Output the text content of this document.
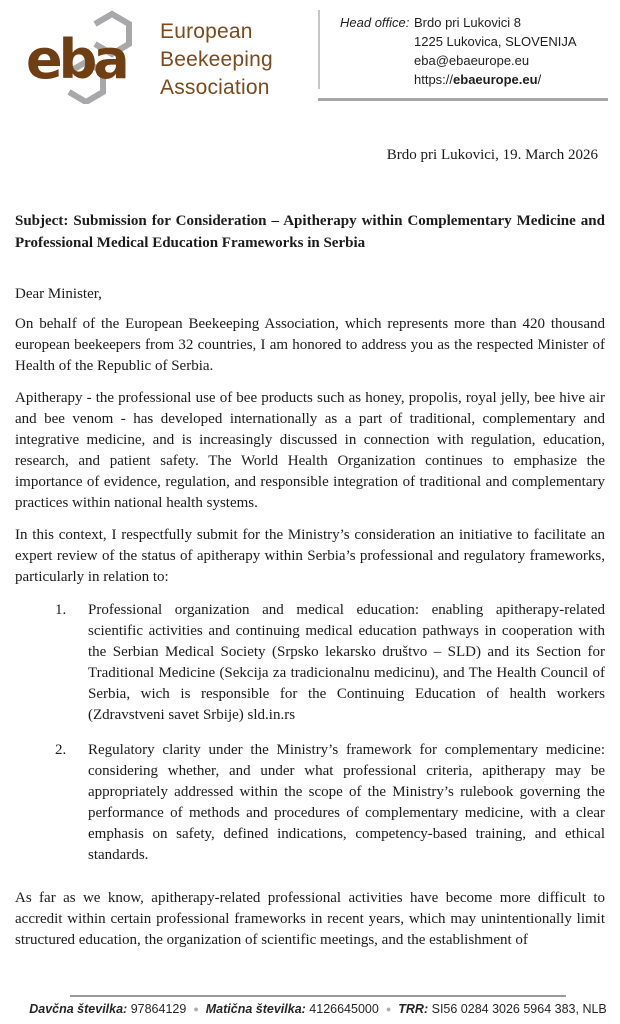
eba European
Beekeeping
Association
Head office: Brdo pri Lukovici 8
1225 Lukovica, SLOVENIJA
eba@ebaeurope.eu
https://ebaeurope.eu/
Brdo pri Lukovici, 19. March 2026
Subject: Submission for Consideration – Apitherapy within Complementary Medicine and Professional Medical Education Frameworks in Serbia
Dear Minister,
On behalf of the European Beekeeping Association, which represents more than 420 thousand european beekeepers from 32 countries, I am honored to address you as the respected Minister of Health of the Republic of Serbia.
Apitherapy - the professional use of bee products such as honey, propolis, royal jelly, bee hive air and bee venom - has developed internationally as a part of traditional, complementary and integrative medicine, and is increasingly discussed in connection with regulation, education, research, and patient safety. The World Health Organization continues to emphasize the importance of evidence, regulation, and responsible integration of traditional and complementary practices within national health systems.
In this context, I respectfully submit for the Ministry’s consideration an initiative to facilitate an expert review of the status of apitherapy within Serbia’s professional and regulatory frameworks, particularly in relation to:
1. Professional organization and medical education: enabling apitherapy-related scientific activities and continuing medical education pathways in cooperation with the Serbian Medical Society (Srpsko lekarsko društvo – SLD) and its Section for Traditional Medicine (Sekcija za tradicionalnu medicinu), and The Health Council of Serbia, wich is responsible for the Continuing Education of health workers (Zdravstveni savet Srbije) sld.in.rs
2. Regulatory clarity under the Ministry’s framework for complementary medicine: considering whether, and under what professional criteria, apitherapy may be appropriately addressed within the scope of the Ministry’s rulebook governing the performance of methods and procedures of complementary medicine, with a clear emphasis on safety, defined indications, competency-based training, and ethical standards.
As far as we know, apitherapy-related professional activities have become more difficult to accredit within certain professional frameworks in recent years, which may unintentionally limit structured education, the organization of scientific meetings, and the establishment of
Davčna številka: 97864129 ● Matična številka: 4126645000 ● TRR: SI56 0284 3026 5964 383, NLB
